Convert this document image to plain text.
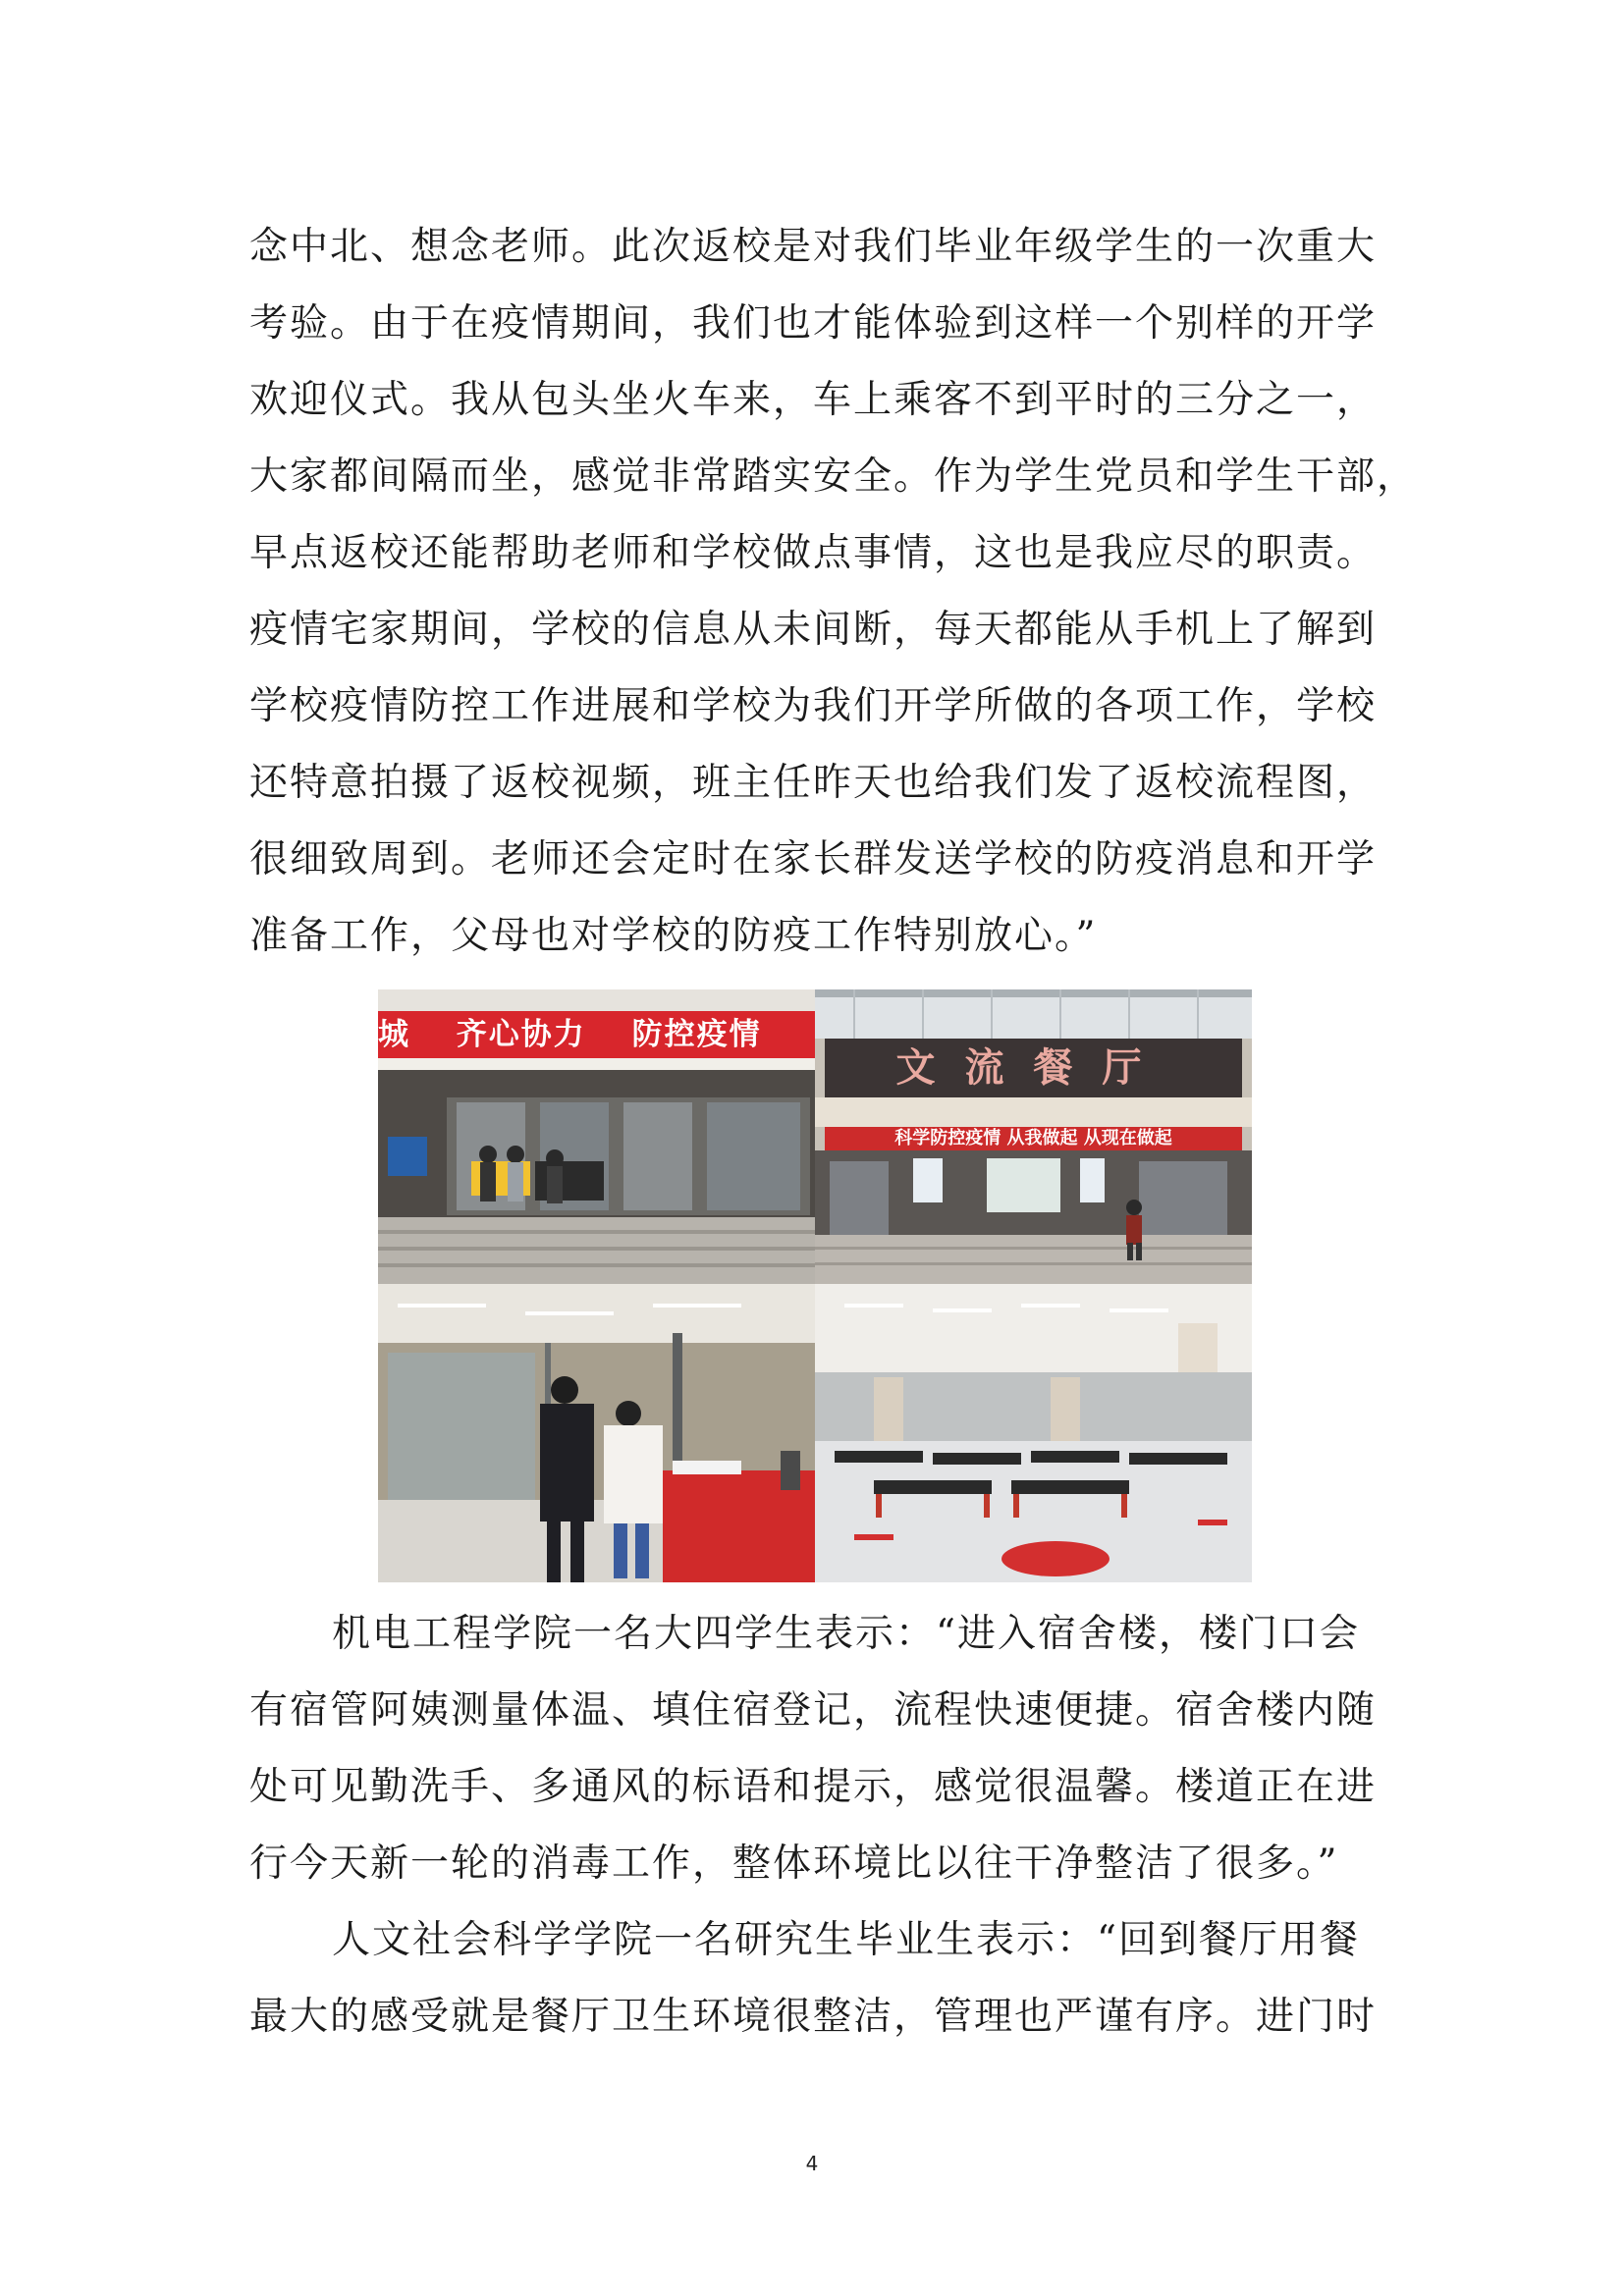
念中北、想念老师。此次返校是对我们毕业年级学生的一次重大
考验。由于在疫情期间，我们也才能体验到这样一个别样的开学
欢迎仪式。我从包头坐火车来，车上乘客不到平时的三分之一，
大家都间隔而坐，感觉非常踏实安全。作为学生党员和学生干部，
早点返校还能帮助老师和学校做点事情，这也是我应尽的职责。
疫情宅家期间，学校的信息从未间断，每天都能从手机上了解到
学校疫情防控工作进展和学校为我们开学所做的各项工作，学校
还特意拍摄了返校视频，班主任昨天也给我们发了返校流程图，
很细致周到。老师还会定时在家长群发送学校的防疫消息和开学
准备工作，父母也对学校的防疫工作特别放心。”

城 齐心协力 防控疫情
文流餐厅
科学防控疫情 从我做起 从现在做起

机电工程学院一名大四学生表示：“进入宿舍楼，楼门口会
有宿管阿姨测量体温、填住宿登记，流程快速便捷。宿舍楼内随
处可见勤洗手、多通风的标语和提示，感觉很温馨。楼道正在进
行今天新一轮的消毒工作，整体环境比以往干净整洁了很多。”

人文社会科学学院一名研究生毕业生表示：“回到餐厅用餐
最大的感受就是餐厅卫生环境很整洁，管理也严谨有序。进门时

4
